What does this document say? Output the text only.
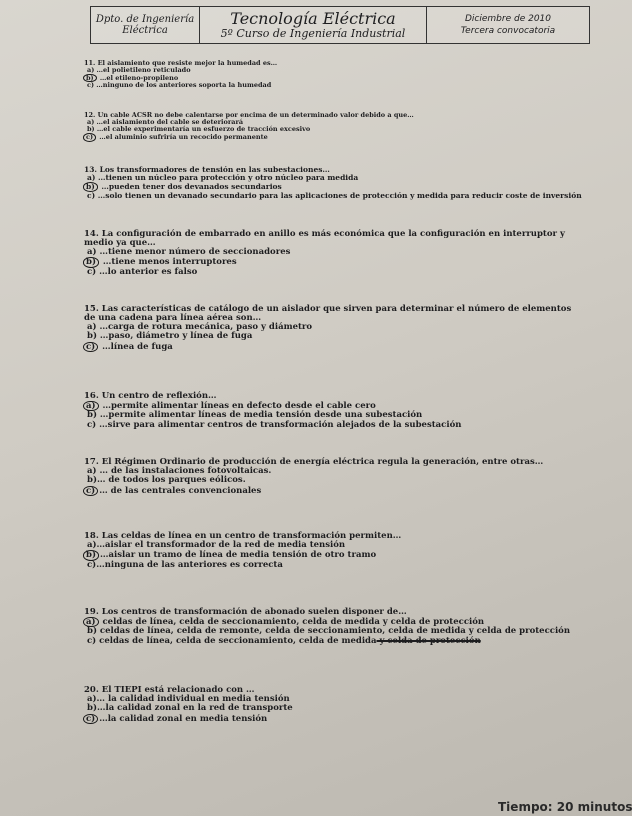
Dpto. de Ingeniería
Eléctrica
Tecnología Eléctrica
5º Curso de Ingeniería Industrial
Diciembre de 2010
Tercera convocatoria

11. El aislamiento que resiste mejor la humedad es…

a) …el polietileno reticulado

b) …el etileno-propileno

c) …ninguno de los anteriores soporta la humedad

12. Un cable ACSR no debe calentarse por encima de un determinado valor debido a que…

a) …el aislamiento del cable se deteriorará

b) …el cable experimentaría un esfuerzo de tracción excesivo

c) …el aluminio sufriría un recocido permanente

13. Los transformadores de tensión en las subestaciones…

a) …tienen un núcleo para protección y otro núcleo para medida

b) …pueden tener dos devanados secundarios

c) …solo tienen un devanado secundario para las aplicaciones de protección y medida para reducir coste de inversión

14. La configuración de embarrado en anillo es más económica que la configuración en interruptor y medio ya que…

a) …tiene menor número de seccionadores

b) …tiene menos interruptores

c) …lo anterior es falso

15. Las características de catálogo de un aislador que sirven para determinar el número de elementos de una cadena para línea aérea son…

a) …carga de rotura mecánica, paso y diámetro

b) …paso, diámetro y línea de fuga

c) …línea de fuga

16. Un centro de reflexión…

a) …permite alimentar líneas en defecto desde el cable cero

b) …permite alimentar líneas de media tensión desde una subestación

c) …sirve para alimentar centros de transformación alejados de la subestación

17. El Régimen Ordinario de producción de energía eléctrica regula la generación, entre otras…

a) … de las instalaciones fotovoltaicas.

b)… de todos los parques eólicos.

c) … de las centrales convencionales

18. Las celdas de línea en un centro de transformación permiten…

a)…aislar el transformador de la red de media tensión

b) …aislar un tramo de línea de media tensión de otro tramo

c)…ninguna de las anteriores es correcta

19. Los centros de transformación de abonado suelen disponer de…

a) celdas de línea, celda de seccionamiento, celda de medida y celda de protección

b) celdas de línea, celda de remonte, celda de seccionamiento, celda de medida y celda de protección

c) celdas de línea, celda de seccionamiento, celda de medida y celda de protección

20. El TIEPI está relacionado con …

a)… la calidad individual en media tensión

b)…la calidad zonal en la red de transporte

c) …la calidad zonal en media tensión

Tiempo: 20 minutos
